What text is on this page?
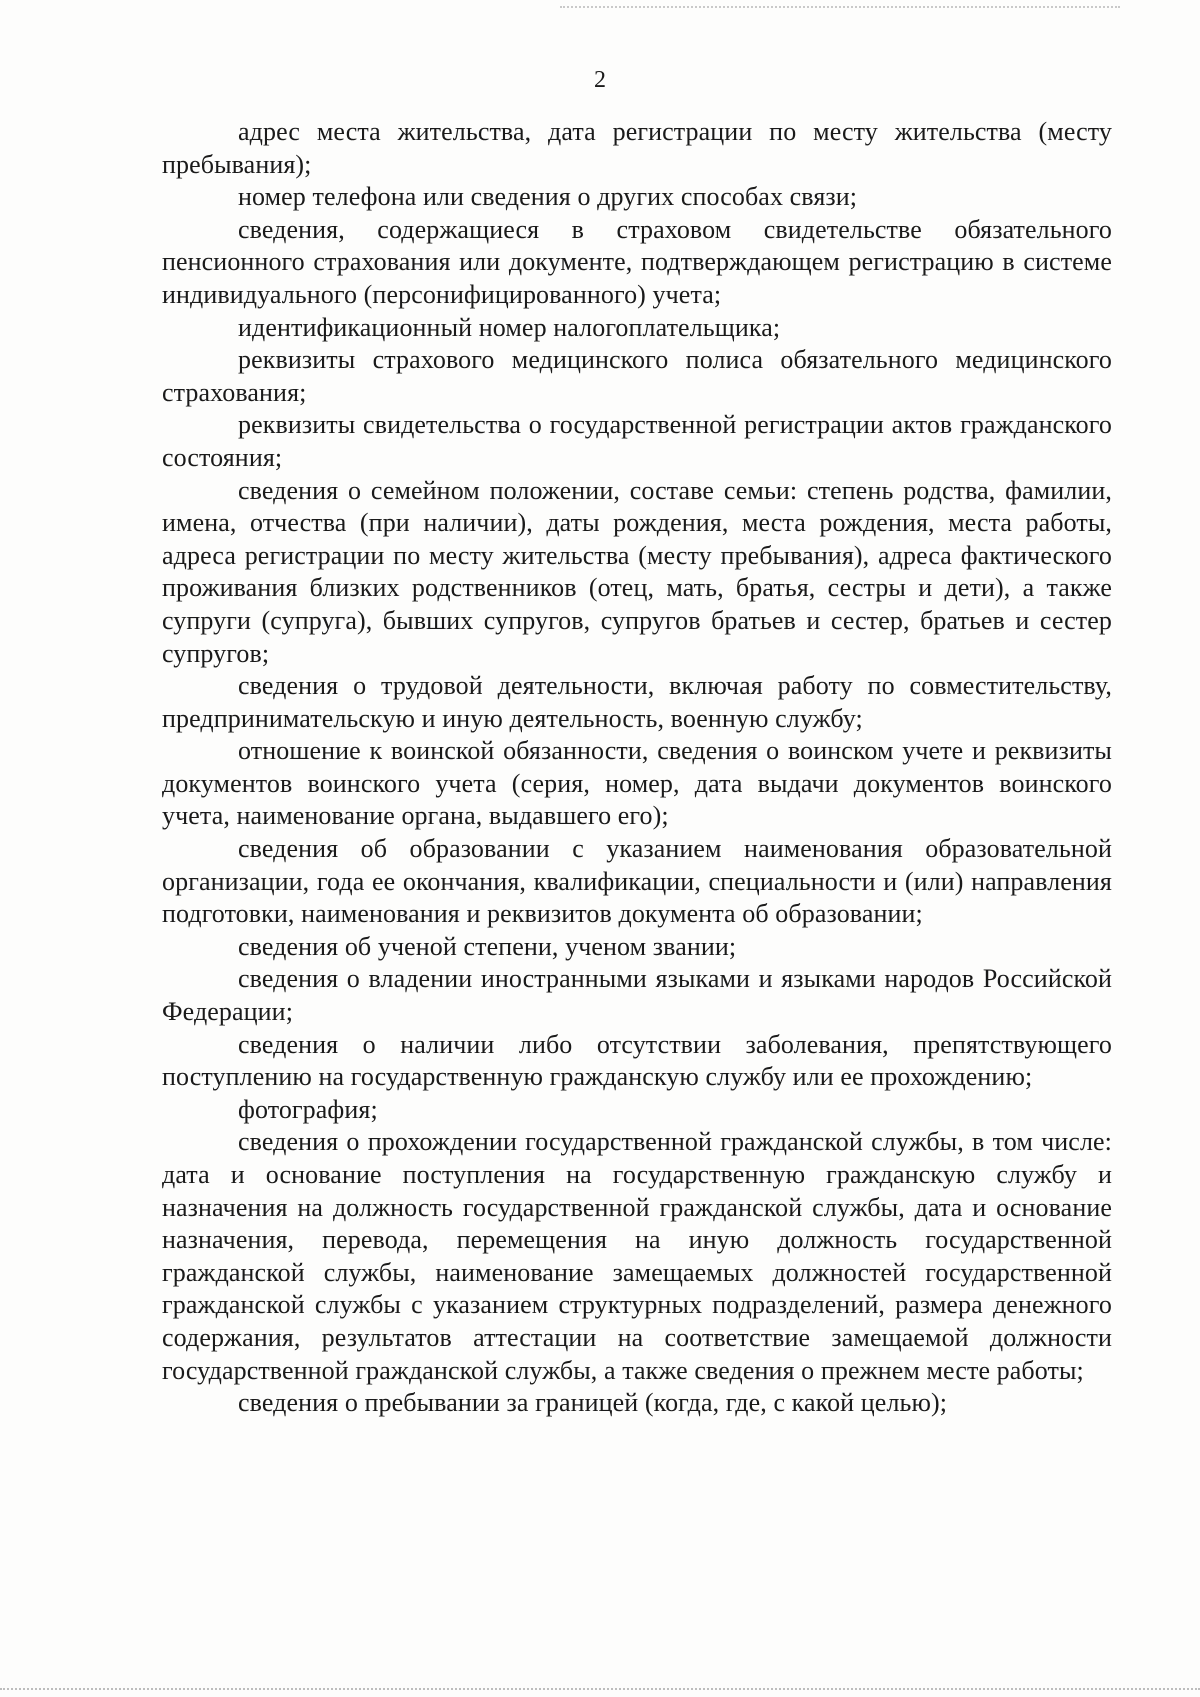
2

адрес места жительства, дата регистрации по месту жительства (месту пребывания);

номер телефона или сведения о других способах связи;

сведения, содержащиеся в страховом свидетельстве обязательного пенсионного страхования или документе, подтверждающем регистрацию в системе индивидуального (персонифицированного) учета;

идентификационный номер налогоплательщика;

реквизиты страхового медицинского полиса обязательного медицинского страхования;

реквизиты свидетельства о государственной регистрации актов гражданского состояния;

сведения о семейном положении, составе семьи: степень родства, фамилии, имена, отчества (при наличии), даты рождения, места рождения, места работы, адреса регистрации по месту жительства (месту пребывания), адреса фактического проживания близких родственников (отец, мать, братья, сестры и дети), а также супруги (супруга), бывших супругов, супругов братьев и сестер, братьев и сестер супругов;

сведения о трудовой деятельности, включая работу по совместительству, предпринимательскую и иную деятельность, военную службу;

отношение к воинской обязанности, сведения о воинском учете и реквизиты документов воинского учета (серия, номер, дата выдачи документов воинского учета, наименование органа, выдавшего его);

сведения об образовании с указанием наименования образовательной организации, года ее окончания, квалификации, специальности и (или) направления подготовки, наименования и реквизитов документа об образовании;

сведения об ученой степени, ученом звании;

сведения о владении иностранными языками и языками народов Российской Федерации;

сведения о наличии либо отсутствии заболевания, препятствующего поступлению на государственную гражданскую службу или ее прохождению;

фотография;

сведения о прохождении государственной гражданской службы, в том числе: дата и основание поступления на государственную гражданскую службу и назначения на должность государственной гражданской службы, дата и основание назначения, перевода, перемещения на иную должность государственной гражданской службы, наименование замещаемых должностей государственной гражданской службы с указанием структурных подразделений, размера денежного содержания, результатов аттестации на соответствие замещаемой должности государственной гражданской службы, а также сведения о прежнем месте работы;

сведения о пребывании за границей (когда, где, с какой целью);
